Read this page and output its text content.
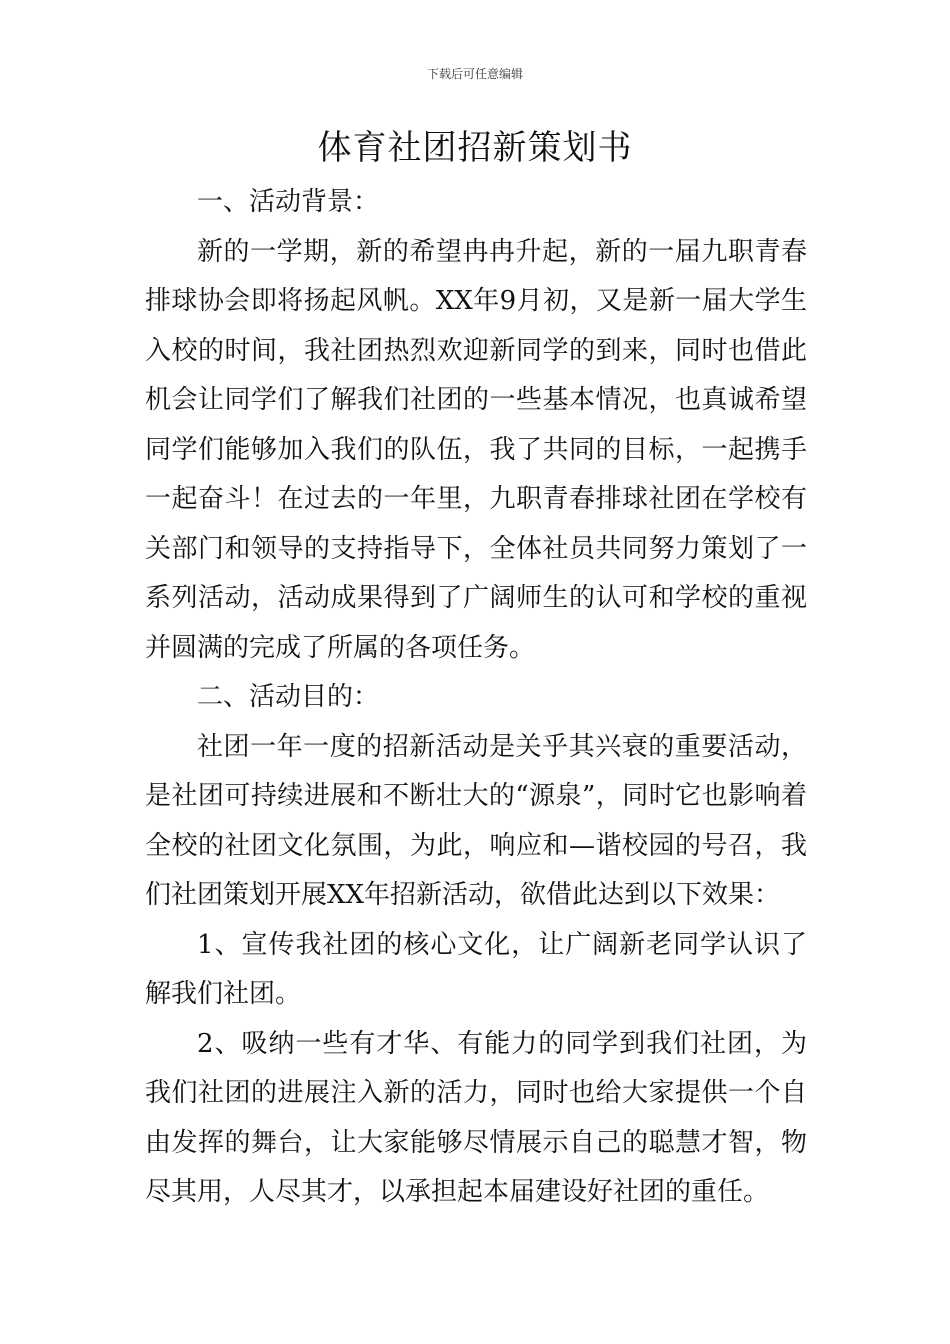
下载后可任意编辑
体育社团招新策划书

一、活动背景：

新的一学期，新的希望冉冉升起，新的一届九职青春排球协会即将扬起风帆。XX年9月初，又是新一届大学生入校的时间，我社团热烈欢迎新同学的到来，同时也借此机会让同学们了解我们社团的一些基本情况，也真诚希望同学们能够加入我们的队伍，我了共同的目标，一起携手一起奋斗！在过去的一年里，九职青春排球社团在学校有关部门和领导的支持指导下，全体社员共同努力策划了一系列活动，活动成果得到了广阔师生的认可和学校的重视并圆满的完成了所属的各项任务。

二、活动目的：

社团一年一度的招新活动是关乎其兴衰的重要活动，是社团可持续进展和不断壮大的“源泉”，同时它也影响着全校的社团文化氛围，为此，响应和—谐校园的号召，我们社团策划开展XX年招新活动，欲借此达到以下效果：

1、宣传我社团的核心文化，让广阔新老同学认识了解我们社团。

2、吸纳一些有才华、有能力的同学到我们社团，为我们社团的进展注入新的活力，同时也给大家提供一个自由发挥的舞台，让大家能够尽情展示自己的聪慧才智，物尽其用，人尽其才，以承担起本届建设好社团的重任。
